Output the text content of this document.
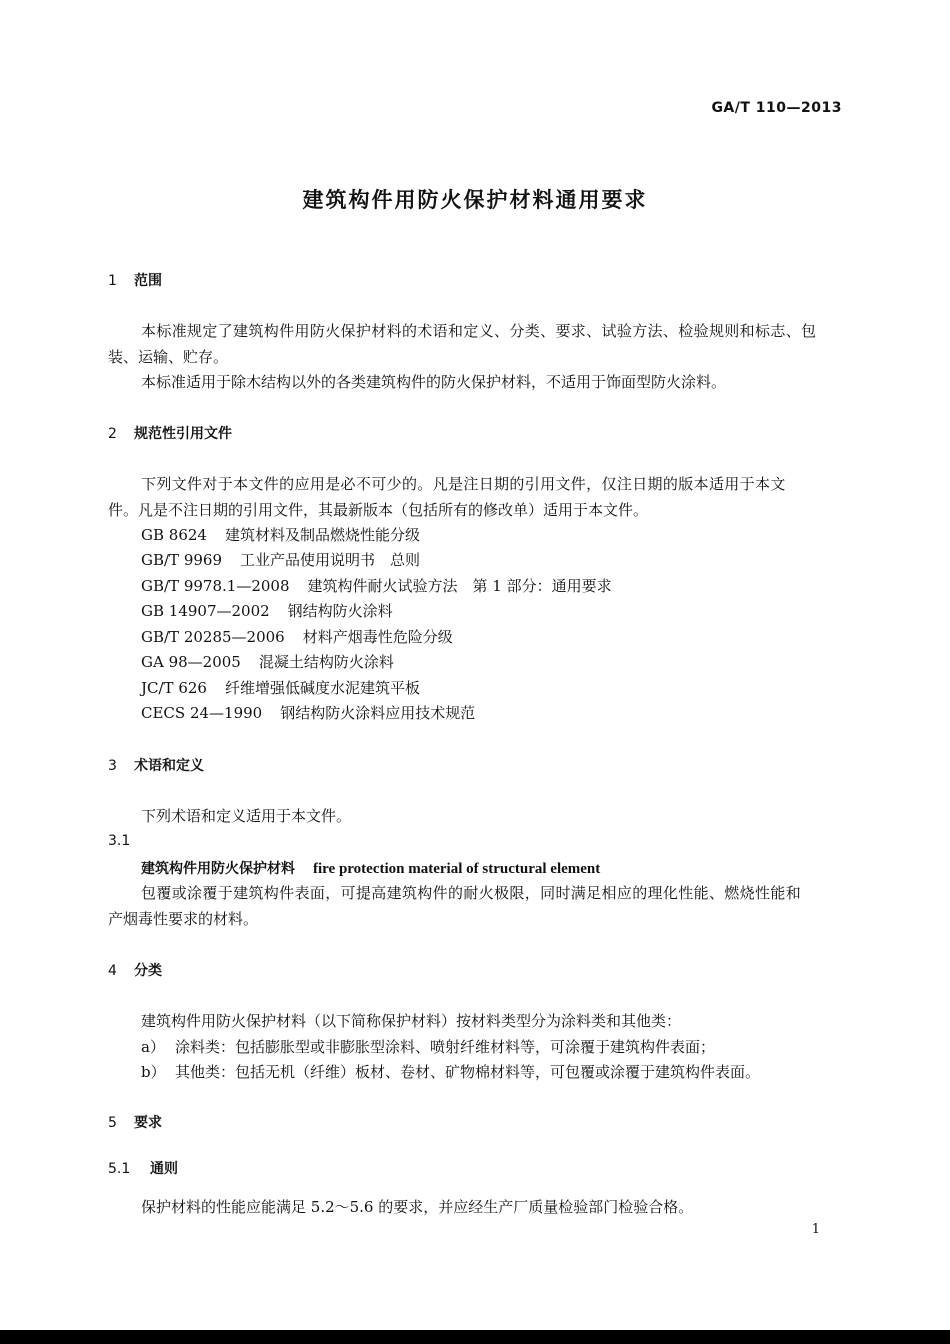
GA/T 110—2013
建筑构件用防火保护材料通用要求
1 范围
本标准规定了建筑构件用防火保护材料的术语和定义、分类、要求、试验方法、检验规则和标志、包
装、运输、贮存。
本标准适用于除木结构以外的各类建筑构件的防火保护材料，不适用于饰面型防火涂料。
2 规范性引用文件
下列文件对于本文件的应用是必不可少的。凡是注日期的引用文件，仅注日期的版本适用于本文
件。凡是不注日期的引用文件，其最新版本（包括所有的修改单）适用于本文件。
GB 8624 建筑材料及制品燃烧性能分级
GB/T 9969 工业产品使用说明书　总则
GB/T 9978.1—2008 建筑构件耐火试验方法　第 1 部分：通用要求
GB 14907—2002 钢结构防火涂料
GB/T 20285—2006 材料产烟毒性危险分级
GA 98—2005 混凝土结构防火涂料
JC/T 626 纤维增强低碱度水泥建筑平板
CECS 24—1990 钢结构防火涂料应用技术规范
3 术语和定义
下列术语和定义适用于本文件。
3.1
建筑构件用防火保护材料 fire protection material of structural element
包覆或涂覆于建筑构件表面，可提高建筑构件的耐火极限，同时满足相应的理化性能、燃烧性能和
产烟毒性要求的材料。
4 分类
建筑构件用防火保护材料（以下简称保护材料）按材料类型分为涂料类和其他类：
a） 涂料类：包括膨胀型或非膨胀型涂料、喷射纤维材料等，可涂覆于建筑构件表面；
b） 其他类：包括无机（纤维）板材、卷材、矿物棉材料等，可包覆或涂覆于建筑构件表面。
5 要求
5.1 通则
保护材料的性能应能满足 5.2～5.6 的要求，并应经生产厂质量检验部门检验合格。
1
